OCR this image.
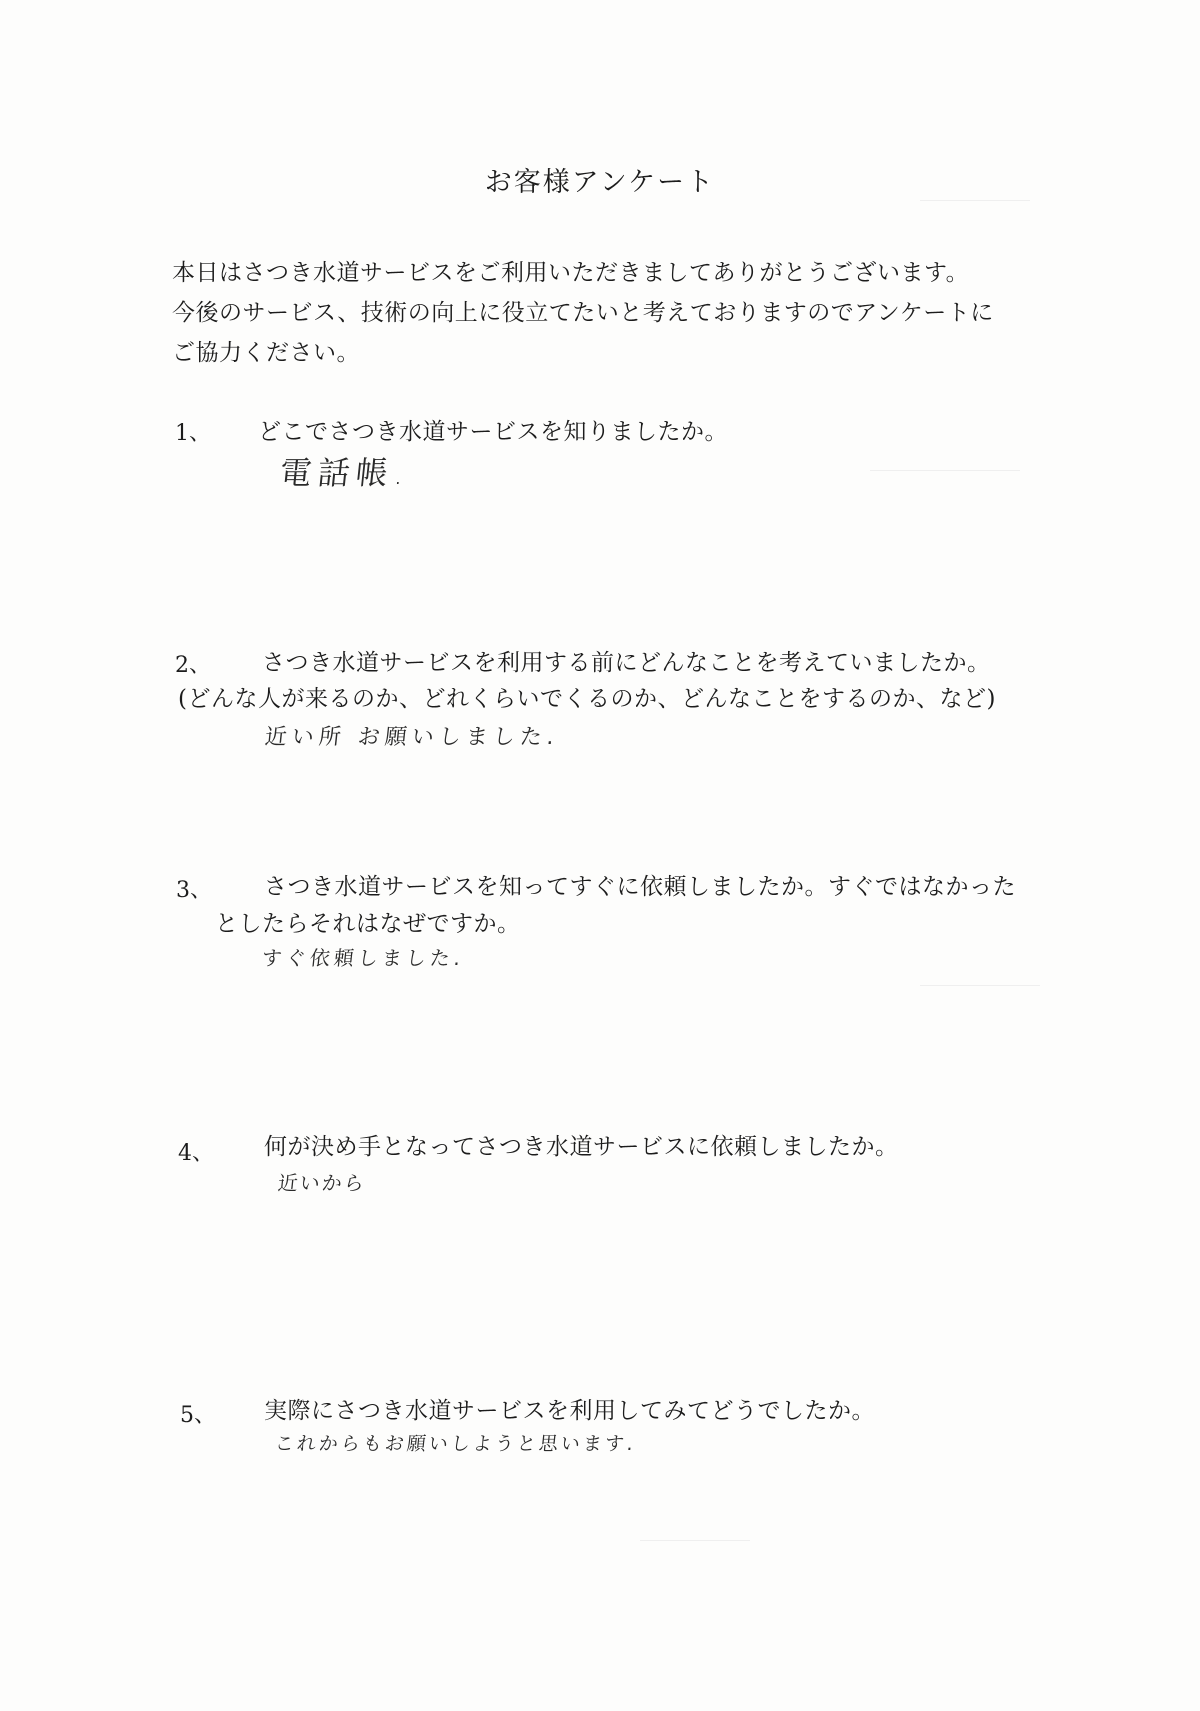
お客様アンケート
本日はさつき水道サービスをご利用いただきましてありがとうございます。
今後のサービス、技術の向上に役立てたいと考えておりますのでアンケートに
ご協力ください。
1、 どこでさつき水道サービスを知りましたか。
電話帳.
2、 さつき水道サービスを利用する前にどんなことを考えていましたか。
(どんな人が来るのか、どれくらいでくるのか、どんなことをするのか、など)
近い所 お願いしました.
3、 さつき水道サービスを知ってすぐに依頼しましたか。すぐではなかった
としたらそれはなぜですか。
すぐ依頼しました.
4、 何が決め手となってさつき水道サービスに依頼しましたか。
近いから
5、 実際にさつき水道サービスを利用してみてどうでしたか。
これからもお願いしようと思います.
